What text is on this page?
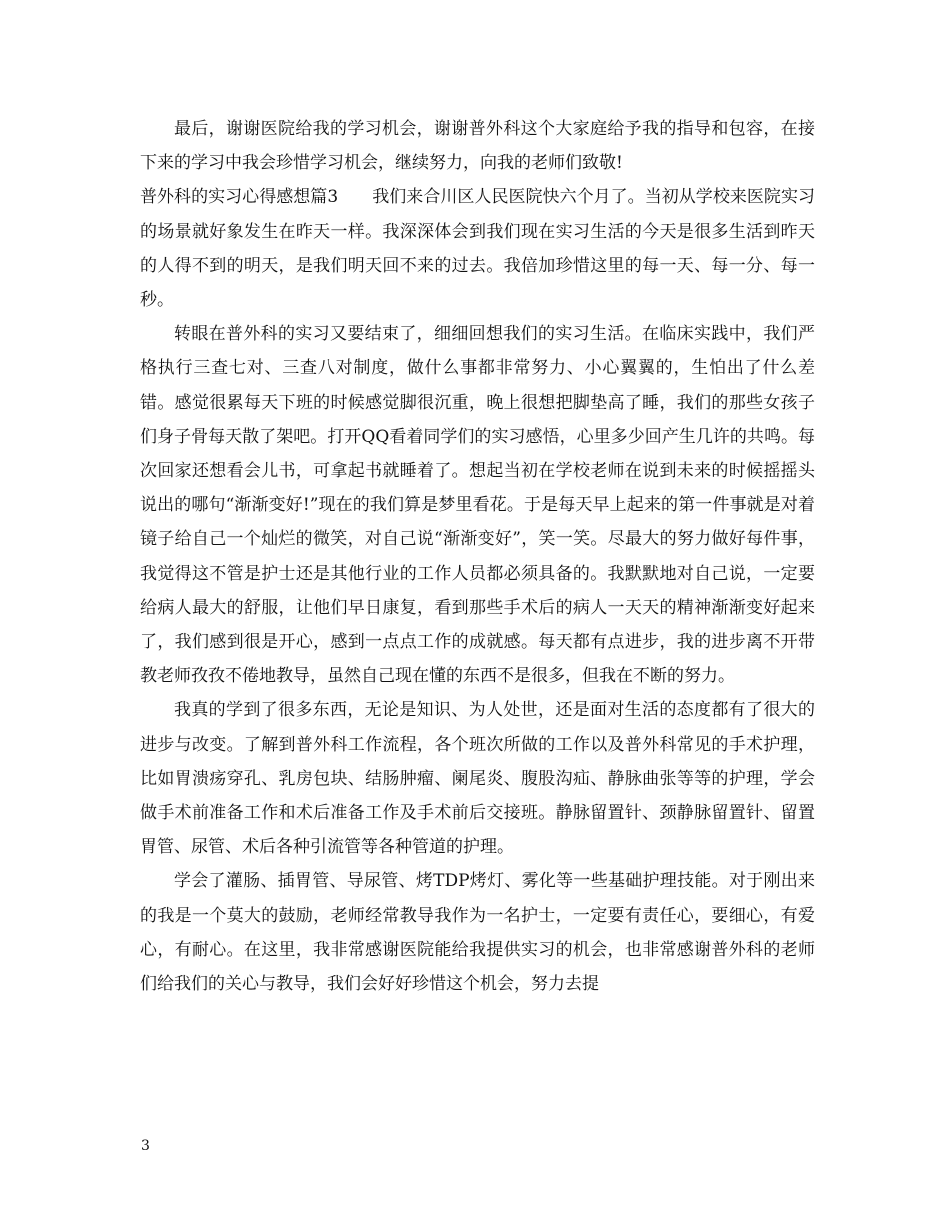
最后，谢谢医院给我的学习机会，谢谢普外科这个大家庭给予我的指导和包容，在接下来的学习中我会珍惜学习机会，继续努力，向我的老师们致敬!

普外科的实习心得感想篇3　　我们来合川区人民医院快六个月了。当初从学校来医院实习的场景就好象发生在昨天一样。我深深体会到我们现在实习生活的今天是很多生活到昨天的人得不到的明天，是我们明天回不来的过去。我倍加珍惜这里的每一天、每一分、每一秒。

转眼在普外科的实习又要结束了，细细回想我们的实习生活。在临床实践中，我们严格执行三查七对、三查八对制度，做什么事都非常努力、小心翼翼的，生怕出了什么差错。感觉很累每天下班的时候感觉脚很沉重，晚上很想把脚垫高了睡，我们的那些女孩子们身子骨每天散了架吧。打开QQ看着同学们的实习感悟，心里多少回产生几许的共鸣。每次回家还想看会儿书，可拿起书就睡着了。想起当初在学校老师在说到未来的时候摇摇头说出的哪句“渐渐变好!”现在的我们算是梦里看花。于是每天早上起来的第一件事就是对着镜子给自己一个灿烂的微笑，对自己说“渐渐变好”，笑一笑。尽最大的努力做好每件事，我觉得这不管是护士还是其他行业的工作人员都必须具备的。我默默地对自己说，一定要给病人最大的舒服，让他们早日康复，看到那些手术后的病人一天天的精神渐渐变好起来了，我们感到很是开心，感到一点点工作的成就感。每天都有点进步，我的进步离不开带教老师孜孜不倦地教导，虽然自己现在懂的东西不是很多，但我在不断的努力。

我真的学到了很多东西，无论是知识、为人处世，还是面对生活的态度都有了很大的进步与改变。了解到普外科工作流程，各个班次所做的工作以及普外科常见的手术护理，比如胃溃疡穿孔、乳房包块、结肠肿瘤、阑尾炎、腹股沟疝、静脉曲张等等的护理，学会做手术前准备工作和术后准备工作及手术前后交接班。静脉留置针、颈静脉留置针、留置胃管、尿管、术后各种引流管等各种管道的护理。

学会了灌肠、插胃管、导尿管、烤TDP烤灯、雾化等一些基础护理技能。对于刚出来的我是一个莫大的鼓励，老师经常教导我作为一名护士，一定要有责任心，要细心，有爱心，有耐心。在这里，我非常感谢医院能给我提供实习的机会，也非常感谢普外科的老师们给我们的关心与教导，我们会好好珍惜这个机会，努力去提

3
